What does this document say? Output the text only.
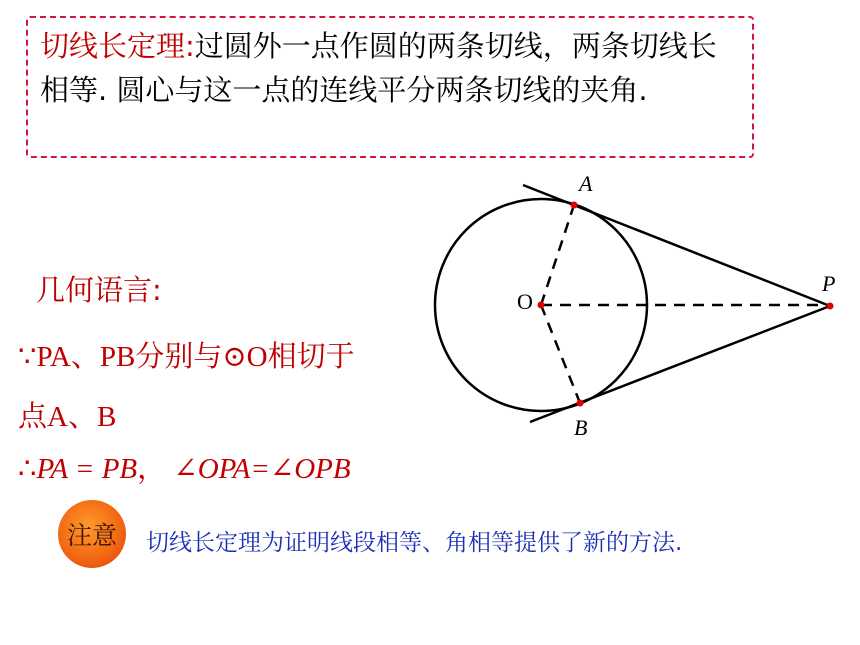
切线长定理:过圆外一点作圆的两条切线，两条切线长相等. 圆心与这一点的连线平分两条切线的夹角.
几何语言:
∵PA、PB分别与⊙O相切于
点A、B
∴PA = PB， ∠OPA=∠OPB
注意	切线长定理为证明线段相等、角相等提供了新的方法.
A
B
O
P
